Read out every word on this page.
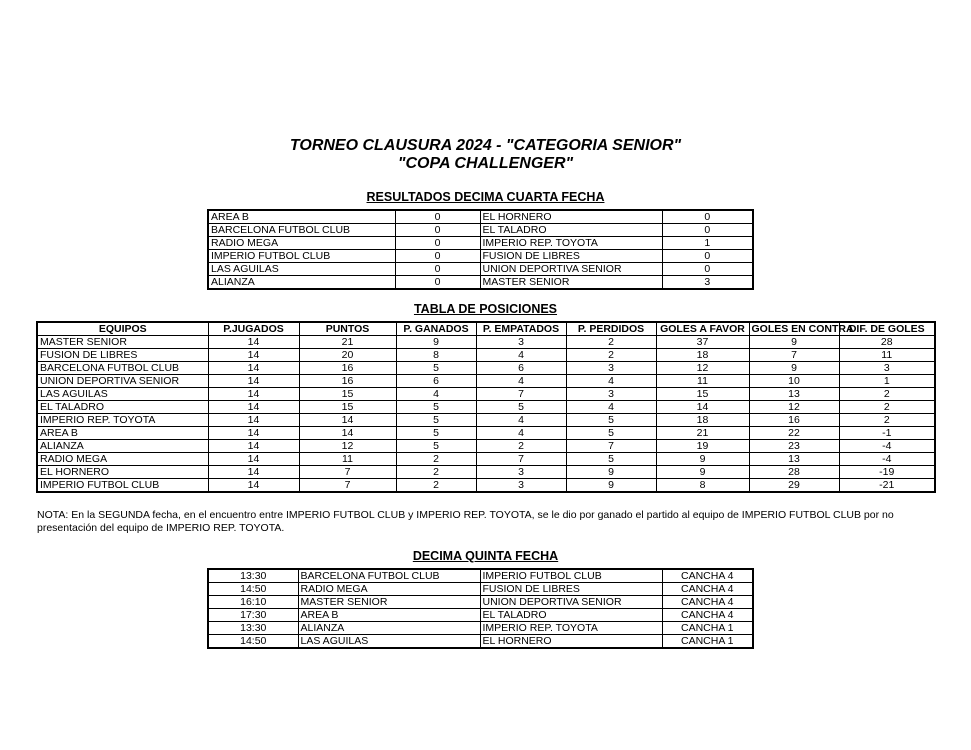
TORNEO CLAUSURA 2024 - "CATEGORIA SENIOR"
"COPA CHALLENGER"
RESULTADOS DECIMA CUARTA FECHA
AREA B	0	EL HORNERO	0
BARCELONA FUTBOL CLUB	0	EL TALADRO	0
RADIO MEGA	0	IMPERIO REP. TOYOTA	1
IMPERIO FUTBOL CLUB	0	FUSION DE LIBRES	0
LAS AGUILAS	0	UNION DEPORTIVA SENIOR	0
ALIANZA	0	MASTER SENIOR	3
TABLA DE POSICIONES
EQUIPOS	P.JUGADOS	PUNTOS	P. GANADOS	P. EMPATADOS	P. PERDIDOS	GOLES A FAVOR	GOLES EN CONTRA	DIF. DE GOLES
MASTER SENIOR	14	21	9	3	2	37	9	28
FUSION DE LIBRES	14	20	8	4	2	18	7	11
BARCELONA FUTBOL CLUB	14	16	5	6	3	12	9	3
UNION DEPORTIVA SENIOR	14	16	6	4	4	11	10	1
LAS AGUILAS	14	15	4	7	3	15	13	2
EL TALADRO	14	15	5	5	4	14	12	2
IMPERIO REP. TOYOTA	14	14	5	4	5	18	16	2
AREA B	14	14	5	4	5	21	22	-1
ALIANZA	14	12	5	2	7	19	23	-4
RADIO MEGA	14	11	2	7	5	9	13	-4
EL HORNERO	14	7	2	3	9	9	28	-19
IMPERIO FUTBOL CLUB	14	7	2	3	9	8	29	-21
NOTA: En la SEGUNDA fecha, en el encuentro entre IMPERIO FUTBOL CLUB y IMPERIO REP. TOYOTA, se le dio por ganado el partido al equipo de IMPERIO FUTBOL CLUB por no presentación del equipo de IMPERIO REP. TOYOTA.
DECIMA QUINTA FECHA
13:30	BARCELONA FUTBOL CLUB	IMPERIO FUTBOL CLUB	CANCHA 4
14:50	RADIO MEGA	FUSION DE LIBRES	CANCHA 4
16:10	MASTER SENIOR	UNION DEPORTIVA SENIOR	CANCHA 4
17:30	AREA B	EL TALADRO	CANCHA 4
13:30	ALIANZA	IMPERIO REP. TOYOTA	CANCHA 1
14:50	LAS AGUILAS	EL HORNERO	CANCHA 1
